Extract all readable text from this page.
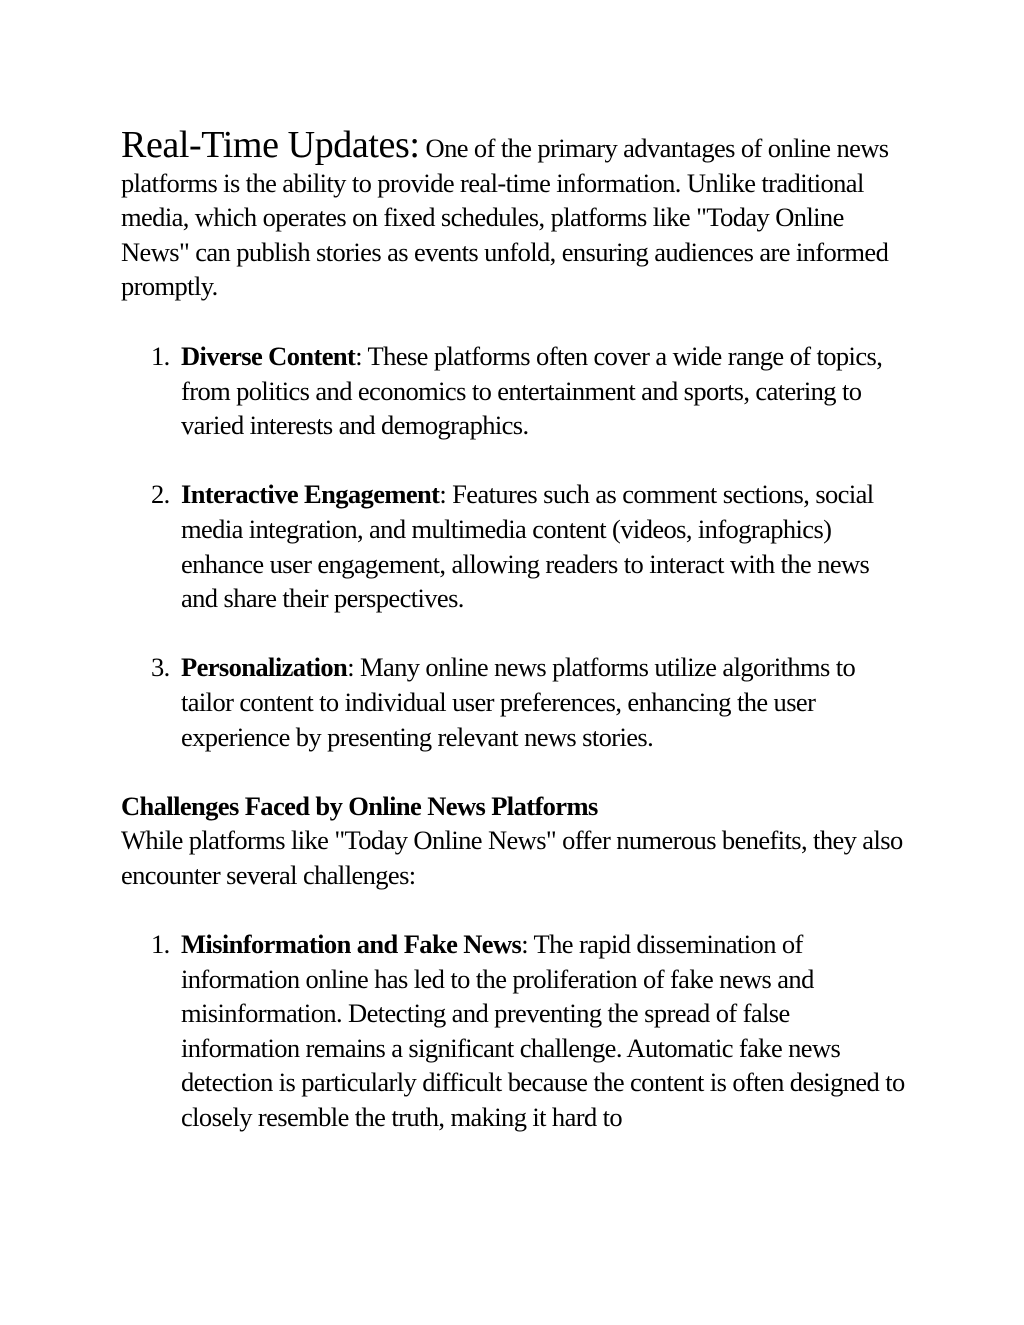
Real-Time Updates: One of the primary advantages of online news platforms is the ability to provide real-time information. Unlike traditional media, which operates on fixed schedules, platforms like "Today Online News" can publish stories as events unfold, ensuring audiences are informed promptly.

1. Diverse Content: These platforms often cover a wide range of topics, from politics and economics to entertainment and sports, catering to varied interests and demographics.
2. Interactive Engagement: Features such as comment sections, social media integration, and multimedia content (videos, infographics) enhance user engagement, allowing readers to interact with the news and share their perspectives.
3. Personalization: Many online news platforms utilize algorithms to tailor content to individual user preferences, enhancing the user experience by presenting relevant news stories.

Challenges Faced by Online News Platforms

While platforms like "Today Online News" offer numerous benefits, they also encounter several challenges:

1. Misinformation and Fake News: The rapid dissemination of information online has led to the proliferation of fake news and misinformation. Detecting and preventing the spread of false information remains a significant challenge. Automatic fake news detection is particularly difficult because the content is often designed to closely resemble the truth, making it hard to
